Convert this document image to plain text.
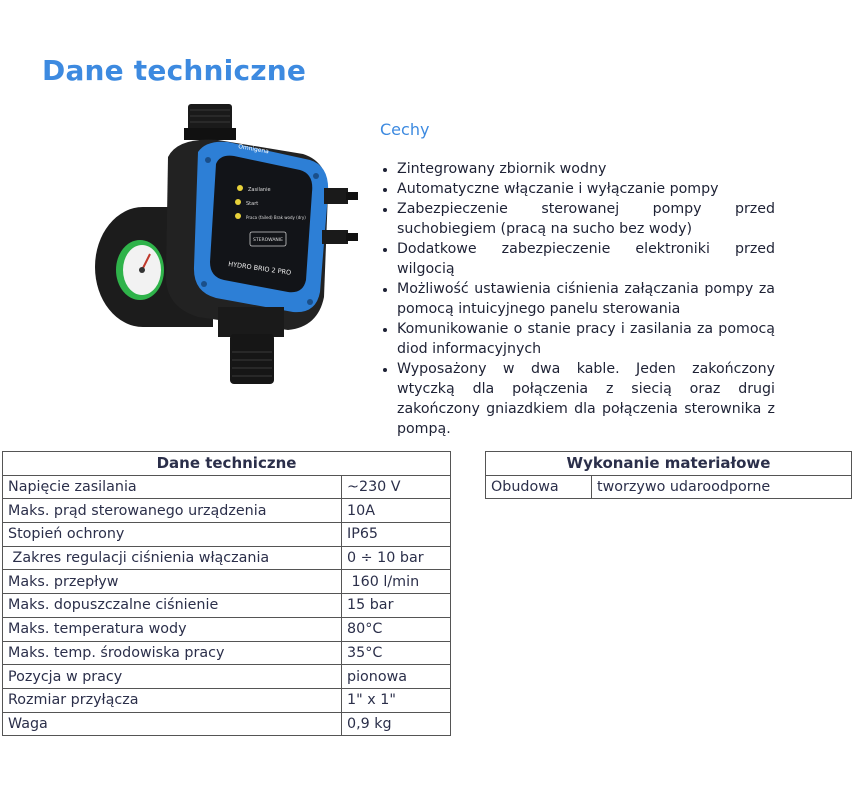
Dane techniczne
Zasilanie
Start
Praca (failed) Brak wody (dry)
STEROWANIE
HYDRO BRIO 2 PRO
Omnigena
Cechy
• Zintegrowany zbiornik wodny
• Automatyczne włączanie i wyłączanie pompy
• Zabezpieczenie sterowanej pompy przed suchobiegiem (pracą na sucho bez wody)
• Dodatkowe zabezpieczenie elektroniki przed wilgocią
• Możliwość ustawienia ciśnienia załączania pompy za pomocą intuicyjnego panelu sterowania
• Komunikowanie o stanie pracy i zasilania za pomocą diod informacyjnych
• Wyposażony w dwa kable. Jeden zakończony wtyczką dla połączenia z siecią oraz drugi zakończony gniazdkiem dla połączenia sterownika z pompą.
Dane techniczne	
Napięcie zasilania	~230 V
Maks. prąd sterowanego urządzenia	10A
Stopień ochrony	IP65
Zakres regulacji ciśnienia włączania	0 ÷ 10 bar
Maks. przepływ	160 l/min
Maks. dopuszczalne ciśnienie	15 bar
Maks. temperatura wody	80°C
Maks. temp. środowiska pracy	35°C
Pozycja w pracy	pionowa
Rozmiar przyłącza	1" x 1"
Waga	0,9 kg
Wykonanie materiałowe
Obudowa	tworzywo udaroodporne
